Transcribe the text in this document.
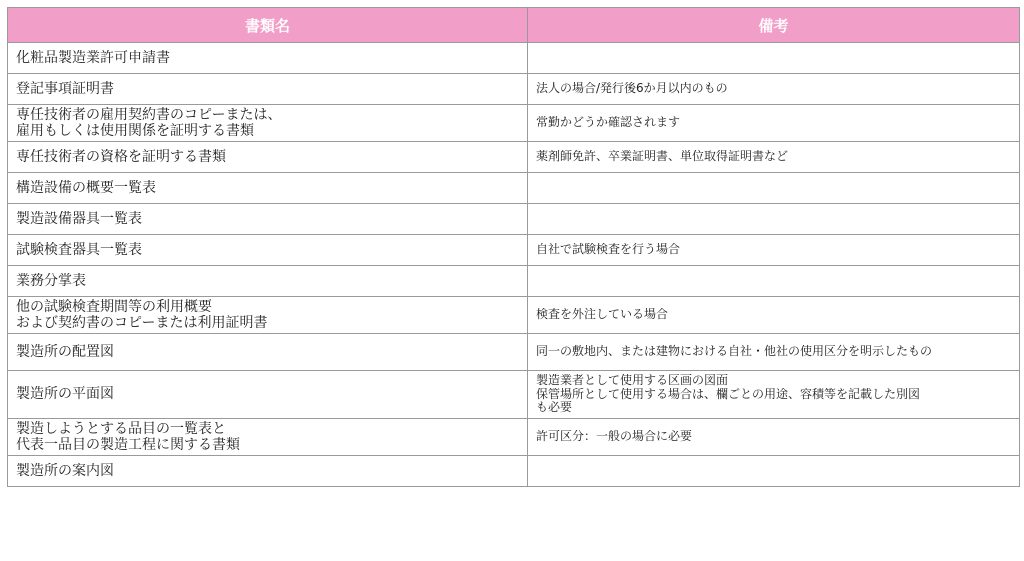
書類名	備考

化粧品製造業許可申請書	

登記事項証明書	法人の場合/発行後6か月以内のもの

専任技術者の雇用契約書のコピーまたは、
雇用もしくは使用関係を証明する書類	常勤かどうか確認されます

専任技術者の資格を証明する書類	薬剤師免許、卒業証明書、単位取得証明書など

構造設備の概要一覧表	

製造設備器具一覧表	

試験検査器具一覧表	自社で試験検査を行う場合

業務分掌表	

他の試験検査期間等の利用概要
および契約書のコピーまたは利用証明書	検査を外注している場合

製造所の配置図	同一の敷地内、または建物における自社・他社の使用区分を明示したもの

製造所の平面図	製造業者として使用する区画の図面
保管場所として使用する場合は、欄ごとの用途、容積等を記載した別図
も必要

製造しようとする品目の一覧表と
代表一品目の製造工程に関する書類	許可区分：一般の場合に必要

製造所の案内図	
